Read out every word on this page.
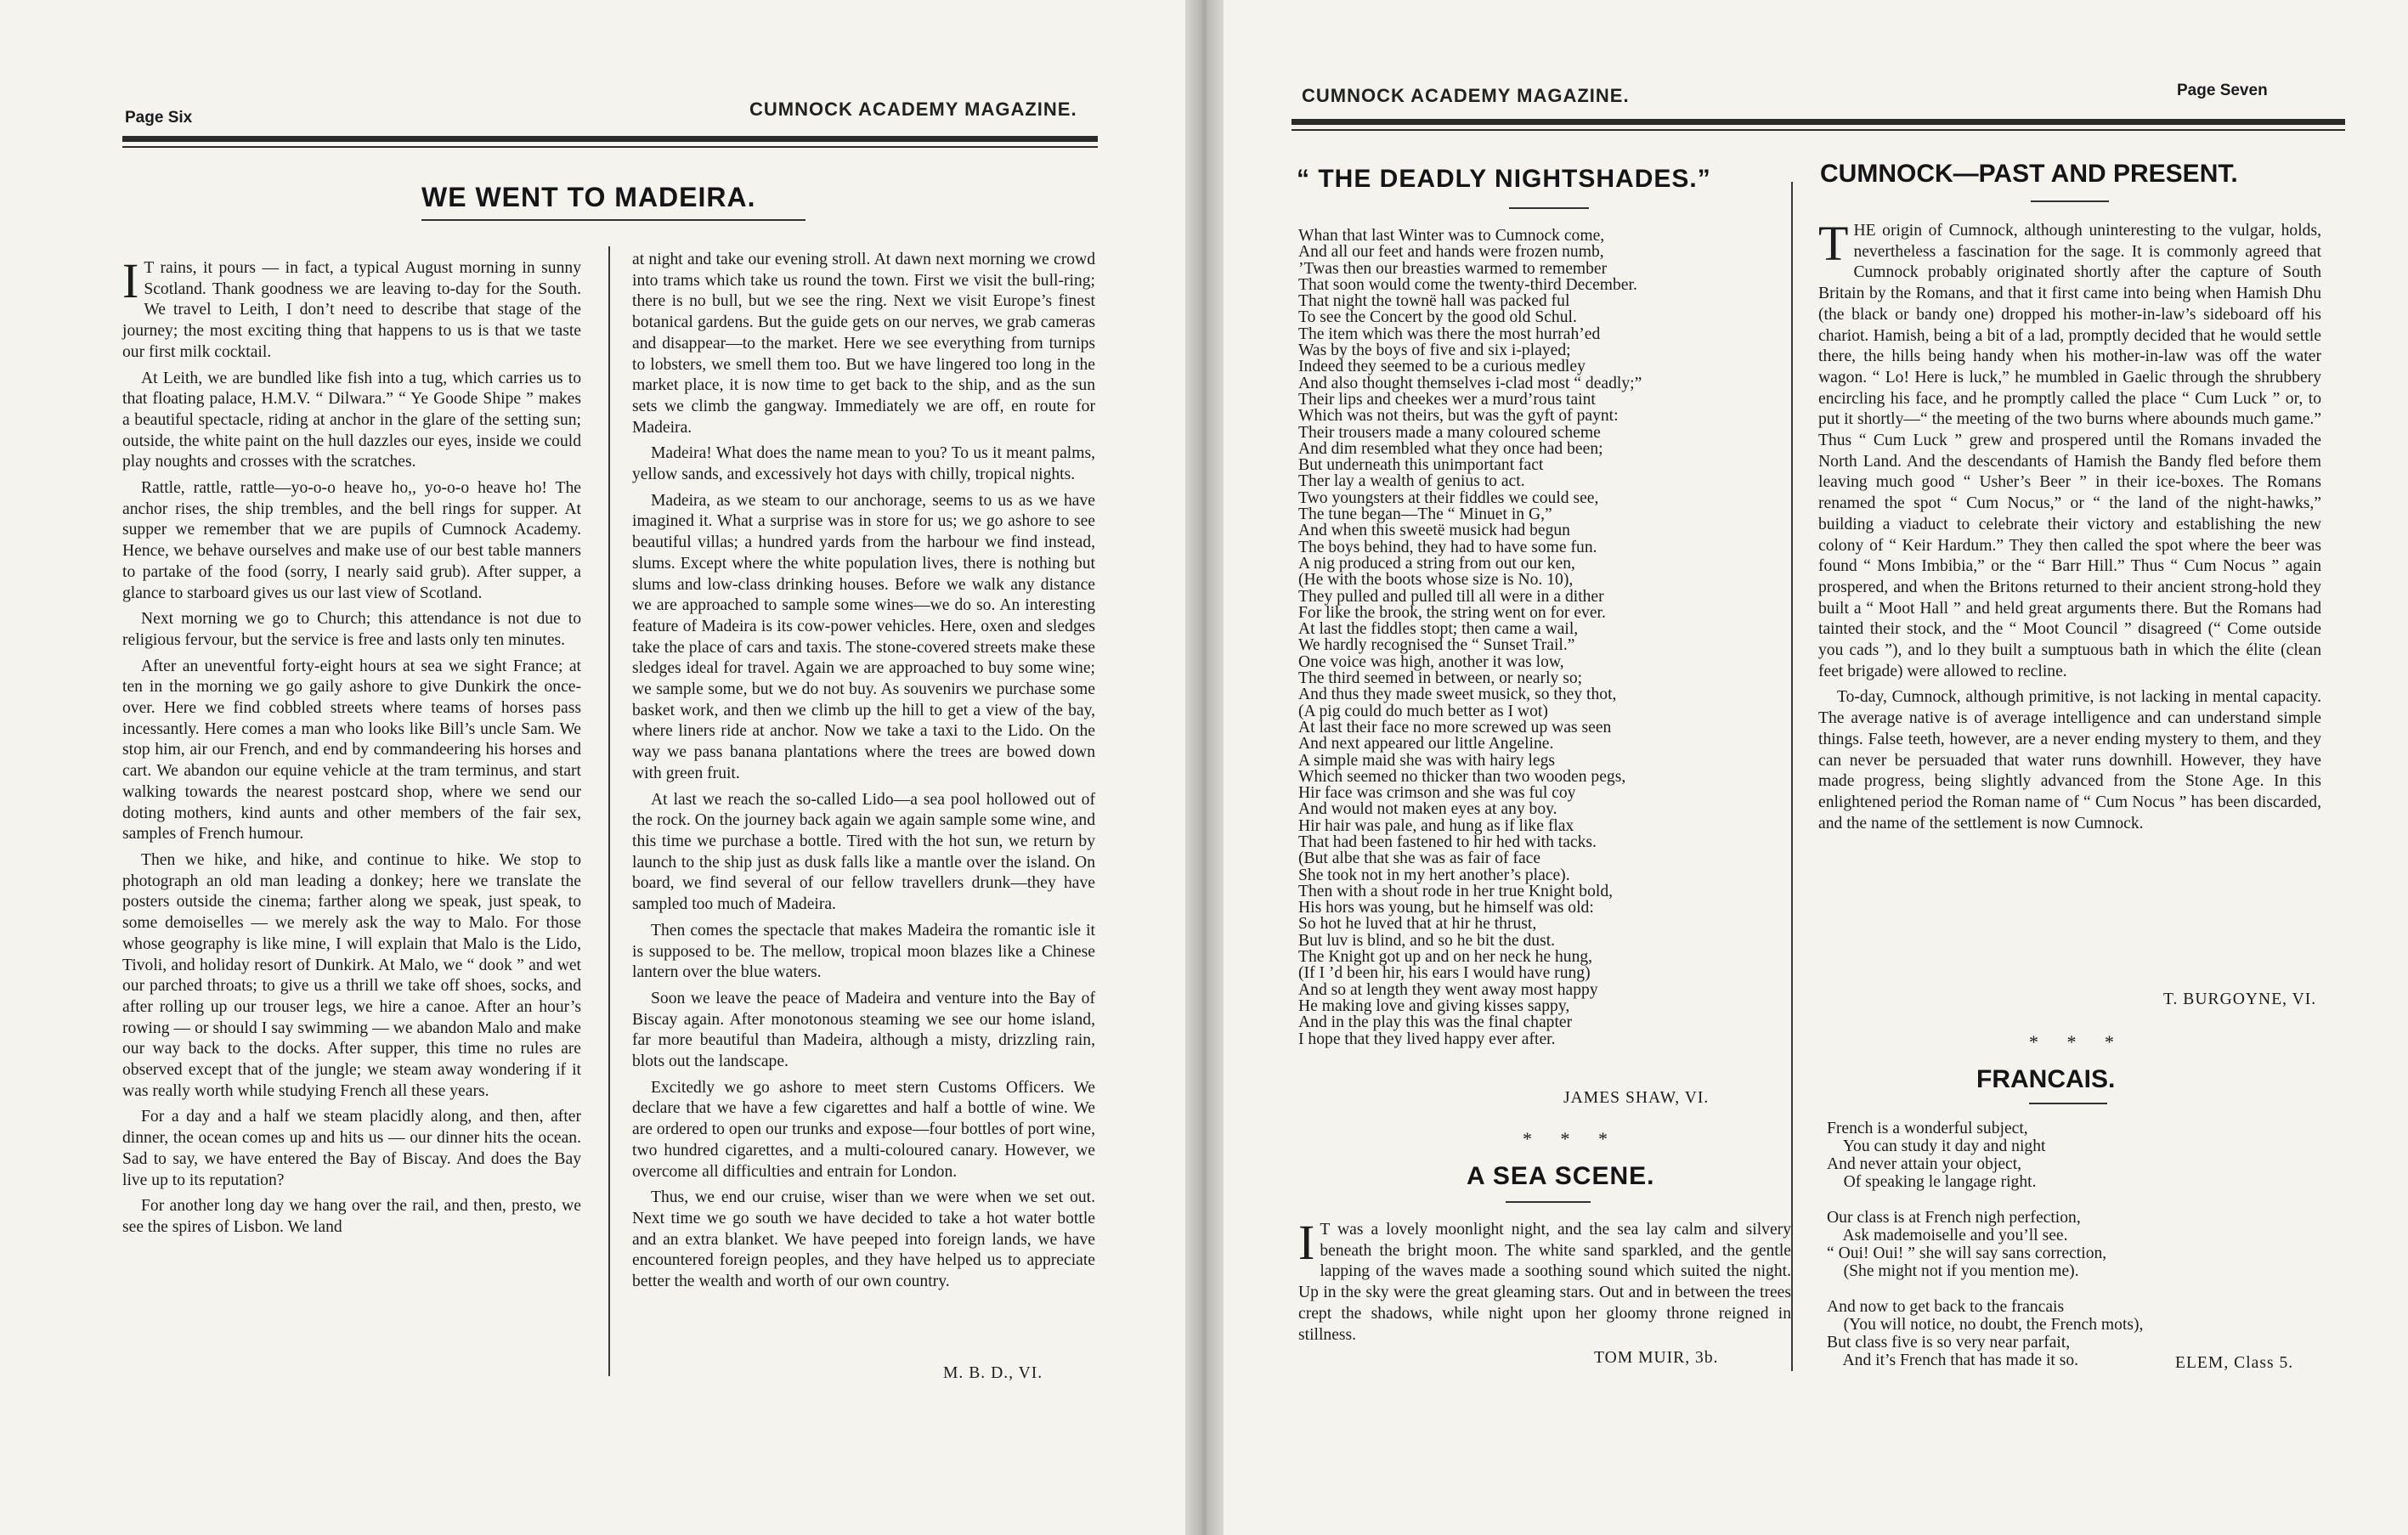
Page Six	CUMNOCK ACADEMY MAGAZINE.
WE WENT TO MADEIRA.

I T rains, it pours — in fact, a typical August morning in sunny Scotland. Thank goodness we are leaving to-day for the South. We travel to Leith, I don’t need to describe that stage of the journey; the most exciting thing that happens to us is that we taste our first milk cocktail.

At Leith, we are bundled like fish into a tug, which carries us to that floating palace, H.M.V. “ Dilwara.” “ Ye Goode Shipe ” makes a beautiful spectacle, riding at anchor in the glare of the setting sun; outside, the white paint on the hull dazzles our eyes, inside we could play noughts and crosses with the scratches.

Rattle, rattle, rattle—yo-o-o heave ho,, yo-o-o heave ho! The anchor rises, the ship trembles, and the bell rings for supper. At supper we remember that we are pupils of Cumnock Academy. Hence, we behave ourselves and make use of our best table manners to partake of the food (sorry, I nearly said grub). After supper, a glance to starboard gives us our last view of Scotland.

Next morning we go to Church; this attendance is not due to religious fervour, but the service is free and lasts only ten minutes.

After an uneventful forty-eight hours at sea we sight France; at ten in the morning we go gaily ashore to give Dunkirk the once-over. Here we find cobbled streets where teams of horses pass incessantly. Here comes a man who looks like Bill’s uncle Sam. We stop him, air our French, and end by commandeering his horses and cart. We abandon our equine vehicle at the tram terminus, and start walking towards the nearest postcard shop, where we send our doting mothers, kind aunts and other members of the fair sex, samples of French humour.

Then we hike, and hike, and continue to hike. We stop to photograph an old man leading a donkey; here we translate the posters outside the cinema; farther along we speak, just speak, to some demoiselles — we merely ask the way to Malo. For those whose geography is like mine, I will explain that Malo is the Lido, Tivoli, and holiday resort of Dunkirk. At Malo, we “ dook ” and wet our parched throats; to give us a thrill we take off shoes, socks, and after rolling up our trouser legs, we hire a canoe. After an hour’s rowing — or should I say swimming — we abandon Malo and make our way back to the docks. After supper, this time no rules are observed except that of the jungle; we steam away wondering if it was really worth while studying French all these years.

For a day and a half we steam placidly along, and then, after dinner, the ocean comes up and hits us — our dinner hits the ocean. Sad to say, we have entered the Bay of Biscay. And does the Bay live up to its reputation?

For another long day we hang over the rail, and then, presto, we see the spires of Lisbon. We land

at night and take our evening stroll. At dawn next morning we crowd into trams which take us round the town. First we visit the bull-ring; there is no bull, but we see the ring. Next we visit Europe’s finest botanical gardens. But the guide gets on our nerves, we grab cameras and disappear—to the market. Here we see everything from turnips to lobsters, we smell them too. But we have lingered too long in the market place, it is now time to get back to the ship, and as the sun sets we climb the gangway. Immediately we are off, en route for Madeira.

Madeira! What does the name mean to you? To us it meant palms, yellow sands, and excessively hot days with chilly, tropical nights.

Madeira, as we steam to our anchorage, seems to us as we have imagined it. What a surprise was in store for us; we go ashore to see beautiful villas; a hundred yards from the harbour we find instead, slums. Except where the white population lives, there is nothing but slums and low-class drinking houses. Before we walk any distance we are approached to sample some wines—we do so. An interesting feature of Madeira is its cow-power vehicles. Here, oxen and sledges take the place of cars and taxis. The stone-covered streets make these sledges ideal for travel. Again we are approached to buy some wine; we sample some, but we do not buy. As souvenirs we purchase some basket work, and then we climb up the hill to get a view of the bay, where liners ride at anchor. Now we take a taxi to the Lido. On the way we pass banana plantations where the trees are bowed down with green fruit.

At last we reach the so-called Lido—a sea pool hollowed out of the rock. On the journey back again we again sample some wine, and this time we purchase a bottle. Tired with the hot sun, we return by launch to the ship just as dusk falls like a mantle over the island. On board, we find several of our fellow travellers drunk—they have sampled too much of Madeira.

Then comes the spectacle that makes Madeira the romantic isle it is supposed to be. The mellow, tropical moon blazes like a Chinese lantern over the blue waters.

Soon we leave the peace of Madeira and venture into the Bay of Biscay again. After monotonous steaming we see our home island, far more beautiful than Madeira, although a misty, drizzling rain, blots out the landscape.

Excitedly we go ashore to meet stern Customs Officers. We declare that we have a few cigarettes and half a bottle of wine. We are ordered to open our trunks and expose—four bottles of port wine, two hundred cigarettes, and a multi-coloured canary. However, we overcome all difficulties and entrain for London.

Thus, we end our cruise, wiser than we were when we set out. Next time we go south we have decided to take a hot water bottle and an extra blanket. We have peeped into foreign lands, we have encountered foreign peoples, and they have helped us to appreciate better the wealth and worth of our own country.

M. B. D., VI.
CUMNOCK ACADEMY MAGAZINE.	Page Seven
“ THE DEADLY NIGHTSHADES.”
Whan that last Winter was to Cumnock come,
And all our feet and hands were frozen numb,
’Twas then our breasties warmed to remember
That soon would come the twenty-third December.
That night the townë hall was packed ful
To see the Concert by the good old Schul.
The item which was there the most hurrah’ed
Was by the boys of five and six i-played;
Indeed they seemed to be a curious medley
And also thought themselves i-clad most “ deadly;”
Their lips and cheekes wer a murd’rous taint
Which was not theirs, but was the gyft of paynt:
Their trousers made a many coloured scheme
And dim resembled what they once had been;
But underneath this unimportant fact
Ther lay a wealth of genius to act.
Two youngsters at their fiddles we could see,
The tune began—The “ Minuet in G,”
And when this sweetë musick had begun
The boys behind, they had to have some fun.
A nig produced a string from out our ken,
(He with the boots whose size is No. 10),
They pulled and pulled till all were in a dither
For like the brook, the string went on for ever.
At last the fiddles stopt; then came a wail,
We hardly recognised the “ Sunset Trail.”
One voice was high, another it was low,
The third seemed in between, or nearly so;
And thus they made sweet musick, so they thot,
(A pig could do much better as I wot)
At last their face no more screwed up was seen
And next appeared our little Angeline.
A simple maid she was with hairy legs
Which seemed no thicker than two wooden pegs,
Hir face was crimson and she was ful coy
And would not maken eyes at any boy.
Hir hair was pale, and hung as if like flax
That had been fastened to hir hed with tacks.
(But albe that she was as fair of face
She took not in my hert another’s place).
Then with a shout rode in her true Knight bold,
His hors was young, but he himself was old:
So hot he luved that at hir he thrust,
But luv is blind, and so he bit the dust.
The Knight got up and on her neck he hung,
(If I ’d been hir, his ears I would have rung)
And so at length they went away most happy
He making love and giving kisses sappy,
And in the play this was the final chapter
I hope that they lived happy ever after.
JAMES SHAW, VI.
* * *
A SEA SCENE.

I T was a lovely moonlight night, and the sea lay calm and silvery beneath the bright moon. The white sand sparkled, and the gentle lapping of the waves made a soothing sound which suited the night. Up in the sky were the great gleaming stars. Out and in between the trees crept the shadows, while night upon her gloomy throne reigned in stillness.

TOM MUIR, 3b.
CUMNOCK—PAST AND PRESENT.

THE origin of Cumnock, although uninteresting to the vulgar, holds, nevertheless a fascination for the sage. It is commonly agreed that Cumnock probably originated shortly after the capture of South Britain by the Romans, and that it first came into being when Hamish Dhu (the black or bandy one) dropped his mother-in-law’s sideboard off his chariot. Hamish, being a bit of a lad, promptly decided that he would settle there, the hills being handy when his mother-in-law was off the water wagon. “ Lo! Here is luck,” he mumbled in Gaelic through the shrubbery encircling his face, and he promptly called the place “ Cum Luck ” or, to put it shortly—“ the meeting of the two burns where abounds much game.” Thus “ Cum Luck ” grew and prospered until the Romans invaded the North Land. And the descendants of Hamish the Bandy fled before them leaving much good “ Usher’s Beer ” in their ice-boxes. The Romans renamed the spot “ Cum Nocus,” or “ the land of the night-hawks,” building a viaduct to celebrate their victory and establishing the new colony of “ Keir Hardum.” They then called the spot where the beer was found “ Mons Imbibia,” or the “ Barr Hill.” Thus “ Cum Nocus ” again prospered, and when the Britons returned to their ancient strong-hold they built a “ Moot Hall ” and held great arguments there. But the Romans had tainted their stock, and the “ Moot Council ” disagreed (“ Come outside you cads ”), and lo they built a sumptuous bath in which the élite (clean feet brigade) were allowed to recline.

To-day, Cumnock, although primitive, is not lacking in mental capacity. The average native is of average intelligence and can understand simple things. False teeth, however, are a never ending mystery to them, and they can never be persuaded that water runs downhill. However, they have made progress, being slightly advanced from the Stone Age. In this enlightened period the Roman name of “ Cum Nocus ” has been discarded, and the name of the settlement is now Cumnock.

T. BURGOYNE, VI.
* * *
FRANCAIS.
French is a wonderful subject,
You can study it day and night
And never attain your object,
Of speaking le langage right.

Our class is at French nigh perfection,
Ask mademoiselle and you’ll see.
“ Oui! Oui! ” she will say sans correction,
(She might not if you mention me).

And now to get back to the francais
(You will notice, no doubt, the French mots),
But class five is so very near parfait,
And it’s French that has made it so.	ELEM, Class 5.
